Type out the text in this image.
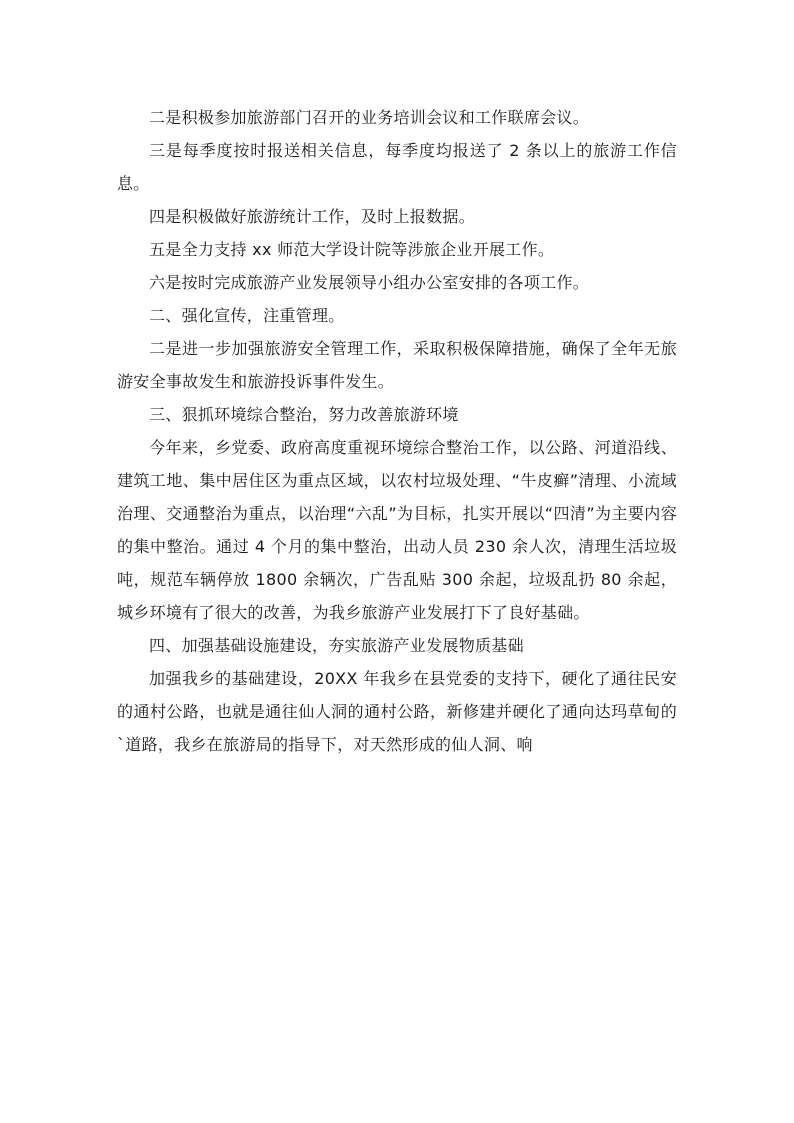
二是积极参加旅游部门召开的业务培训会议和工作联席会议。

三是每季度按时报送相关信息，每季度均报送了 2 条以上的旅游工作信息。

四是积极做好旅游统计工作，及时上报数据。

五是全力支持 xx 师范大学设计院等涉旅企业开展工作。

六是按时完成旅游产业发展领导小组办公室安排的各项工作。

二、强化宣传，注重管理。

二是进一步加强旅游安全管理工作，采取积极保障措施，确保了全年无旅游安全事故发生和旅游投诉事件发生。

三、狠抓环境综合整治，努力改善旅游环境

今年来，乡党委、政府高度重视环境综合整治工作，以公路、河道沿线、建筑工地、集中居住区为重点区域，以农村垃圾处理、“牛皮癣”清理、小流域治理、交通整治为重点，以治理“六乱”为目标，扎实开展以“四清”为主要内容的集中整治。通过 4 个月的集中整治，出动人员 230 余人次，清理生活垃圾吨，规范车辆停放 1800 余辆次，广告乱贴 300 余起，垃圾乱扔 80 余起，城乡环境有了很大的改善，为我乡旅游产业发展打下了良好基础。

四、加强基础设施建设，夯实旅游产业发展物质基础

加强我乡的基础建设，20XX 年我乡在县党委的支持下，硬化了通往民安的通村公路，也就是通往仙人洞的通村公路，新修建并硬化了通向达玛草甸的`道路，我乡在旅游局的指导下，对天然形成的仙人洞、响
